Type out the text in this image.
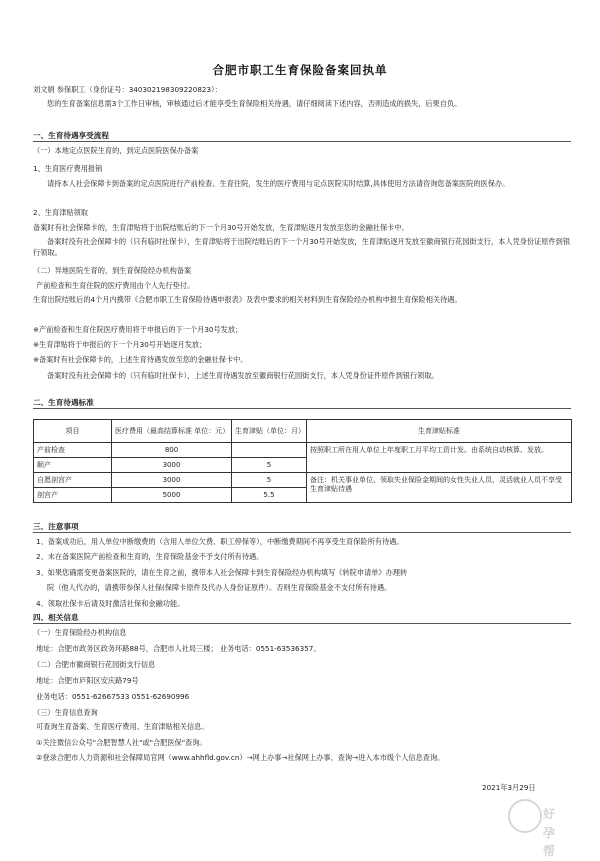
合肥市职工生育保险备案回执单
刘文娟 参保职工（身份证号：340302198309220823）：
您的生育备案信息需3个工作日审核，审核通过后才能享受生育保险相关待遇，请仔细阅读下述内容，否则造成的损失，后果自负。
一、生育待遇享受流程
（一）本地定点医院生育的，到定点医院医保办备案
1、生育医疗费用报销
请持本人社会保障卡到备案的定点医院进行产前检查、生育住院，发生的医疗费用与定点医院实时结算,具体使用方法请咨询您备案医院的医保办。
2、生育津贴领取
备案时有社会保障卡的，生育津贴将于出院结账后的下一个月30号开始发放，生育津贴逐月发放至您的金融社保卡中。
备案时没有社会保障卡的（只有临时社保卡），生育津贴将于出院结账后的下一个月30号开始发放，生育津贴逐月发放至徽商银行花园街支行，本人凭身份证原件到银行领取。
（二）异地医院生育的，到生育保险经办机构备案
产前检查和生育住院的医疗费用由个人先行垫付。
生育出院结账后的4个月内携带《合肥市职工生育保险待遇申报表》及表中要求的相关材料到生育保险经办机构申报生育保险相关待遇。
※产前检查和生育住院医疗费用将于申报后的下一个月30号发放；
※生育津贴将于申报后的下一个月30号开始逐月发放；
※备案时有社会保障卡的，上述生育待遇发放至您的金融社保卡中。
备案时没有社会保障卡的（只有临时社保卡），上述生育待遇发放至徽商银行花园街支行，本人凭身份证件原件到银行领取。
二、生育待遇标准
项目	医疗费用（最高结算标准 单位：元）	生育津贴（单位：月）	生育津贴标准
产前检查	800		按照职工所在用人单位上年度职工月平均工资计发。由系统自动核算、发放。
顺产	3000	5	
自愿剖宫产	3000	5	备注：机关事业单位、领取失业保险金期间的女性失业人员、灵活就业人员不享受生育津贴待遇
剖宫产	5000	5.5	
三、注意事项
1、备案成功后，用人单位中断缴费的（含用人单位欠费、职工停保等），中断缴费期间不再享受生育保险所有待遇。
2、未在备案医院产前检查和生育的，生育保险基金不予支付所有待遇。
3、如果您确需变更备案医院的，请在生育之前，携带本人社会保障卡到生育保险经办机构填写《转院申请单》办理转
院（他人代办的，请携带参保人社保(保障卡原件及代办人身份证原件）。否则生育保险基金不支付所有待遇。
4、领取社保卡后请及时激活社保和金融功能。
四、相关信息
（一）生育保险经办机构信息
地址：合肥市政务区政务环路88号，合肥市人社局三楼； 业务电话：0551-63536357。
（二）合肥市徽商银行花园街支行信息
地址：合肥市庐阳区安庆路79号
业务电话：0551-62667533 0551-62690996
（三）生育信息查询
可查询生育备案、生育医疗费用、生育津贴相关信息。
①关注微信公众号"合肥智慧人社"或"合肥医保"查询。
②登录合肥市人力资源和社会保障局官网（www.ahhfld.gov.cn）→网上办事→社保网上办事、查询→进入本市级个人信息查询。
2021年3月29日
好孕帮
